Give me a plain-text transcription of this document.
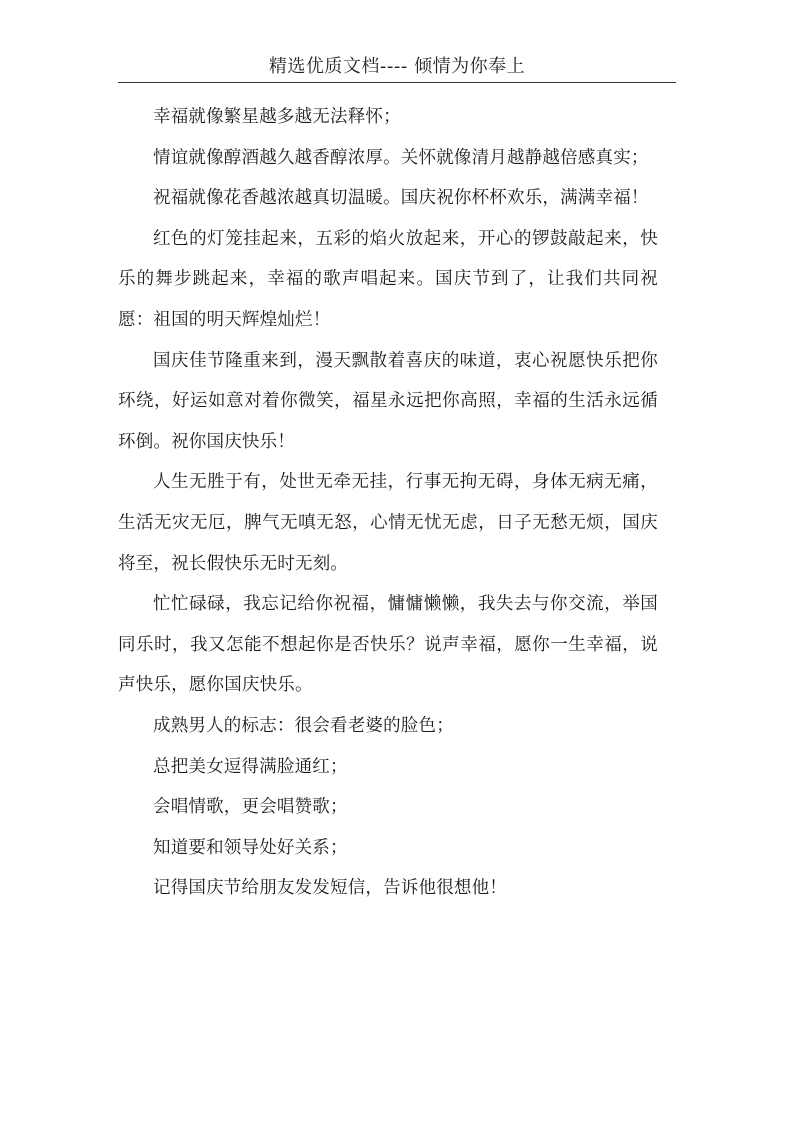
精选优质文档---- 倾情为你奉上

幸福就像繁星越多越无法释怀；

情谊就像醇酒越久越香醇浓厚。关怀就像清月越静越倍感真实；

祝福就像花香越浓越真切温暖。国庆祝你杯杯欢乐，满满幸福！

红色的灯笼挂起来，五彩的焰火放起来，开心的锣鼓敲起来，快乐的舞步跳起来，幸福的歌声唱起来。国庆节到了，让我们共同祝愿：祖国的明天辉煌灿烂！

国庆佳节隆重来到，漫天飘散着喜庆的味道，衷心祝愿快乐把你环绕，好运如意对着你微笑，福星永远把你高照，幸福的生活永远循环倒。祝你国庆快乐！

人生无胜于有，处世无牵无挂，行事无拘无碍，身体无病无痛，生活无灾无厄，脾气无嗔无怒，心情无忧无虑，日子无愁无烦，国庆将至，祝长假快乐无时无刻。

忙忙碌碌，我忘记给你祝福，慵慵懒懒，我失去与你交流，举国同乐时，我又怎能不想起你是否快乐？说声幸福，愿你一生幸福，说声快乐，愿你国庆快乐。

成熟男人的标志：很会看老婆的脸色；

总把美女逗得满脸通红；

会唱情歌，更会唱赞歌；

知道要和领导处好关系；

记得国庆节给朋友发发短信，告诉他很想他！
